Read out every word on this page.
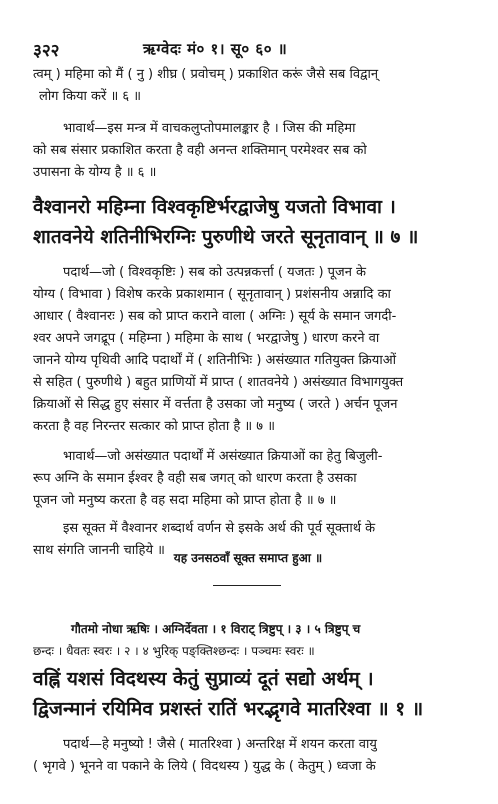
३२२	ऋग्वेदः मं० १। सू० ६० ॥

त्वम् ) महिमा को मैं ( नु ) शीघ्र ( प्रवोचम् ) प्रकाशित करूं जैसे सब विद्वान्

लोग किया करें ॥ ६ ॥

भावार्थ—इस मन्त्र में वाचकलुप्तोपमालङ्कार है । जिस की महिमा

को सब संसार प्रकाशित करता है वही अनन्त शक्तिमान् परमेश्वर सब को

उपासना के योग्य है ॥ ६ ॥

वैश्वानरो महिम्ना विश्वकृष्टिर्भरद्वाजेषु यजतो विभावा ।

शातवनेये शतिनीभिरग्निः पुरुणीथे जरते सूनृतावान् ॥ ७ ॥

पदार्थ—जो ( विश्वकृष्टिः ) सब को उत्पन्नकर्त्ता ( यजतः ) पूजन के

योग्य ( विभावा ) विशेष करके प्रकाशमान ( सूनृतावान् ) प्रशंसनीय अन्नादि का

आधार ( वैश्वानरः ) सब को प्राप्त कराने वाला ( अग्निः ) सूर्य के समान जगदी-

श्वर अपने जगद्रूप ( महिम्ना ) महिमा के साथ ( भरद्वाजेषु ) धारण करने वा

जानने योग्य पृथिवी आदि पदार्थों में ( शतिनीभिः ) असंख्यात गतियुक्त क्रियाओं

से सहित ( पुरुणीथे ) बहुत प्राणियों में प्राप्त ( शातवनेये ) असंख्यात विभागयुक्त

क्रियाओं से सिद्ध हुए संसार में वर्त्तता है उसका जो मनुष्य ( जरते ) अर्चन पूजन

करता है वह निरन्तर सत्कार को प्राप्त होता है ॥ ७ ॥

भावार्थ—जो असंख्यात पदार्थों में असंख्यात क्रियाओं का हेतु बिजुली-

रूप अग्नि के समान ईश्वर है वही सब जगत् को धारण करता है उसका

पूजन जो मनुष्य करता है वह सदा महिमा को प्राप्त होता है ॥ ७ ॥

इस सूक्त में वैश्वानर शब्दार्थ वर्णन से इसके अर्थ की पूर्व सूक्तार्थ के

साथ संगति जाननी चाहिये ॥ यह उनसठवाँ सूक्त समाप्त हुआ ॥

गौतमो नोधा ऋषिः । अग्निर्देवता । १ विराट् त्रिष्टुप् । ३ । ५ त्रिष्टुप् च

छन्दः । धैवतः स्वरः । २ । ४ भुरिक् पङ्क्तिश्छन्दः । पञ्चमः स्वरः ॥

वह्निं यशसं विदथस्य केतुं सुप्राव्यं दूतं सद्यो अर्थम् ।

द्विजन्मानं रयिमिव प्रशस्तं रातिं भरद्भृगवे मातरिश्वा ॥ १ ॥

पदार्थ—हे मनुष्यो ! जैसे ( मातरिश्वा ) अन्तरिक्ष में शयन करता वायु

( भृगवे ) भूनने वा पकाने के लिये ( विदथस्य ) युद्ध के ( केतुम् ) ध्वजा के
